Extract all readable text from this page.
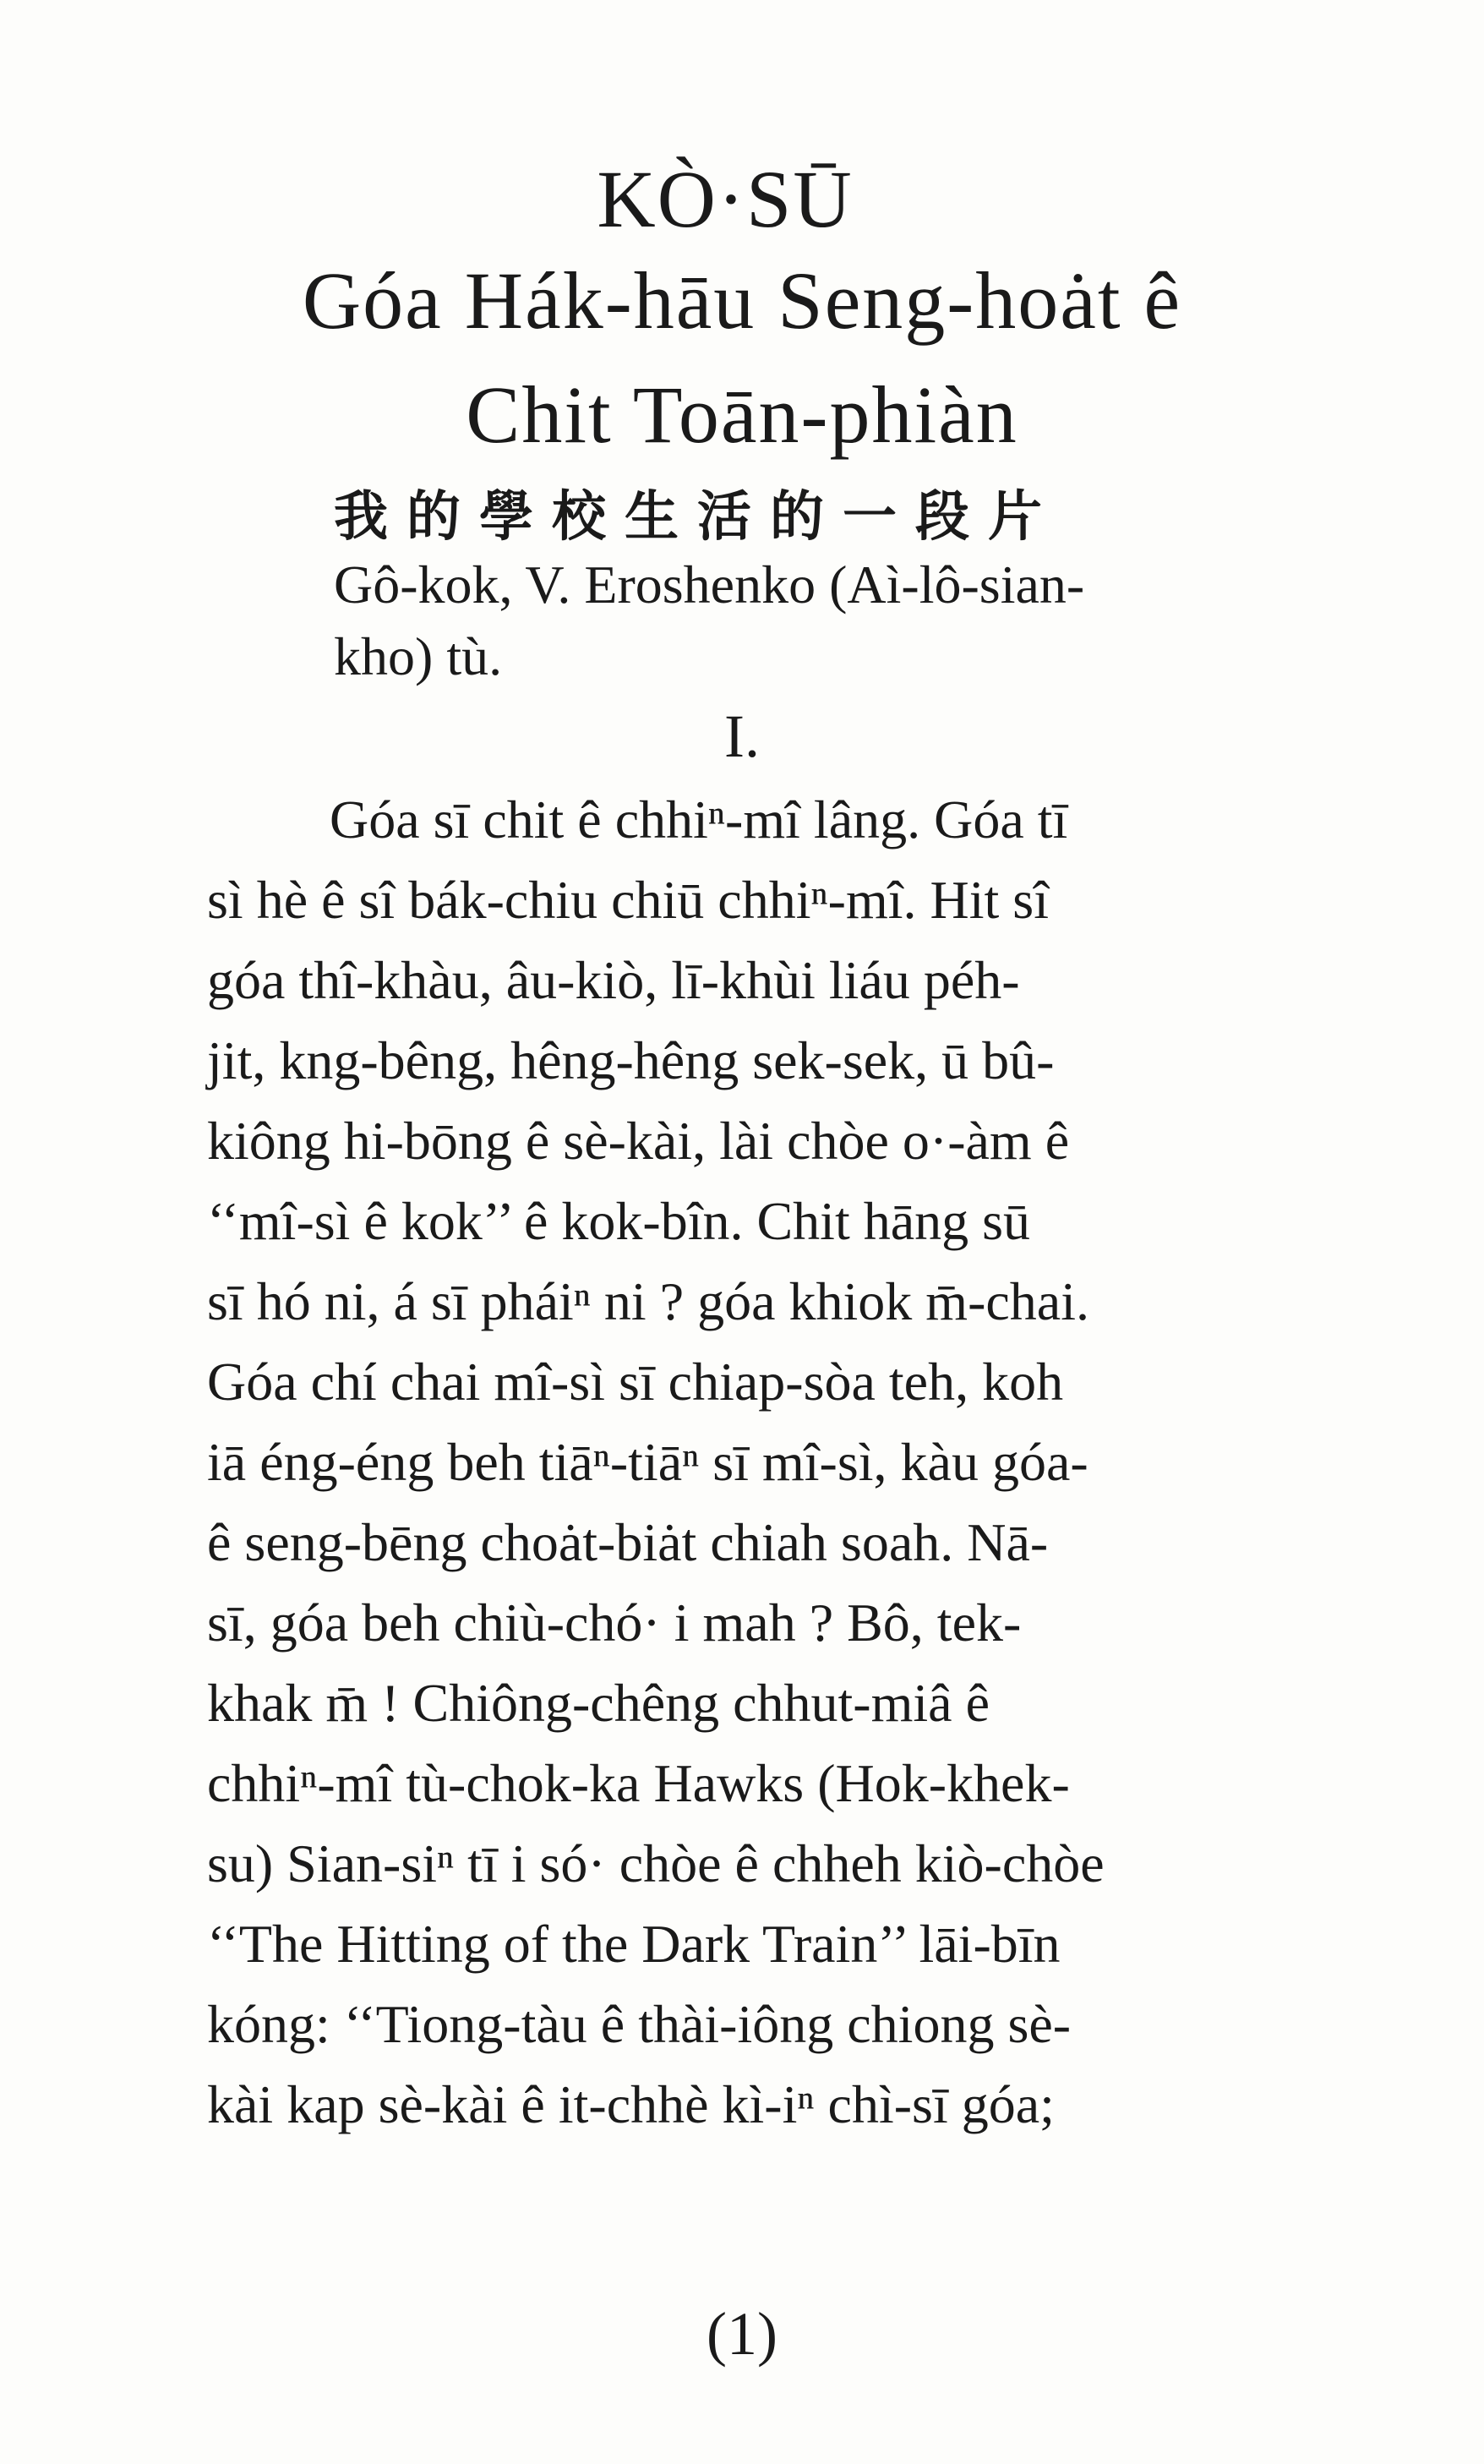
KÒ·SŪ
Góa Hák-hāu Seng-hoȧt ê
Chit Toān-phiàn
我的學校生活的一段片
Gô-kok, V. Eroshenko (Aì-lô-sian-
kho) tù.
I.
Góa sī chit ê chhiⁿ-mî lâng. Góa tī
sì hè ê sî bák-chiu chiū chhiⁿ-mî. Hit sî
góa thî-khàu, âu-kiò, lī-khùi liáu péh-
jit, kng-bêng, hêng-hêng sek-sek, ū bû-
kiông hi-bōng ê sè-kài, lài chòe o·-àm ê
‘‘mî-sì ê kok’’ ê kok-bîn. Chit hāng sū
sī hó ni, á sī pháiⁿ ni ? góa khiok m̄-chai.
Góa chí chai mî-sì sī chiap-sòa teh, koh
iā éng-éng beh tiāⁿ-tiāⁿ sī mî-sì, kàu góa-
ê seng-bēng choȧt-biȧt chiah soah. Nā-
sī, góa beh chiù-chó· i mah ? Bô, tek-
khak m̄ ! Chiông-chêng chhut-miâ ê
chhiⁿ-mî tù-chok-ka Hawks (Hok-khek-
su) Sian-siⁿ tī i só· chòe ê chheh kiò-chòe
‘‘The Hitting of the Dark Train’’ lāi-bīn
kóng: ‘‘Tiong-tàu ê thài-iông chiong sè-
kài kap sè-kài ê it-chhè kì-iⁿ chì-sī góa;
(1)
